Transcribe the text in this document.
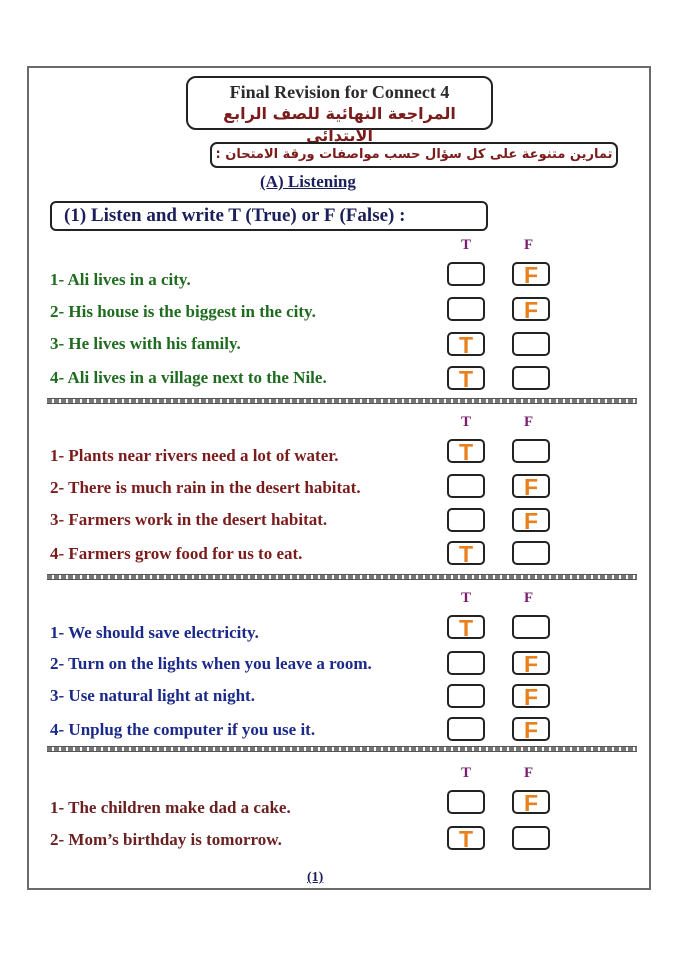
Final Revision for Connect 4
المراجعة النهائية للصف الرابع الابتدائى
تمارين متنوعة على كل سؤال حسب مواصفات ورقة الامتحان :
(A) Listening
(1) Listen and write T (True) or F (False) :
T	F
1- Ali lives in a city.	F
2- His house is the biggest in the city.	F
3- He lives with his family.	T
4- Ali lives in a village next to the Nile.	T
T	F
1- Plants near rivers need a lot of water.	T
2- There is much rain in the desert habitat.	F
3- Farmers work in the desert habitat.	F
4- Farmers grow food for us to eat.	T
T	F
1- We should save electricity.	T
2- Turn on the lights when you leave a room.	F
3- Use natural light at night.	F
4- Unplug the computer if you use it.	F
T	F
1- The children make dad a cake.	F
2- Mom’s birthday is tomorrow.	T
(1)
